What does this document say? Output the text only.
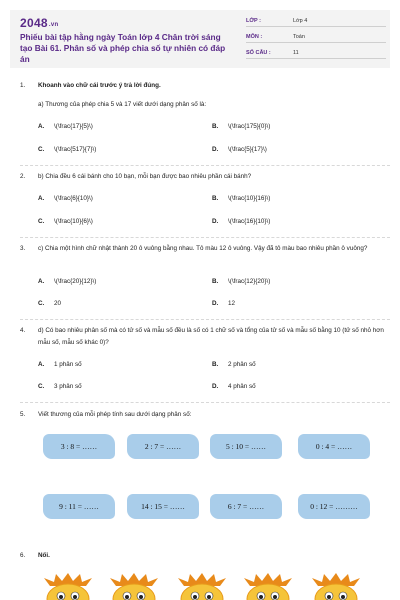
2048.vn
Phiếu bài tập hằng ngày Toán lớp 4 Chân trời sáng tạo Bài 61. Phân số và phép chia số tự nhiên có đáp án
LỚP :	Lớp 4
MÔN :	Toán
SỐ CÂU :	11
1. Khoanh vào chữ cái trước ý trả lời đúng.
a) Thương của phép chia 5 và 17 viết dưới dạng phân số là:
A. \(\frac{17}{5}\)	B. \(\frac{175}{0}\)
C. \(\frac{517}{7}\)	D. \(\frac{5}{17}\)
2. b) Chia đều 6 cái bánh cho 10 bạn, mỗi bạn được bao nhiêu phần cái bánh?
A. \(\frac{6}{10}\)	B. \(\frac{10}{16}\)
C. \(\frac{10}{6}\)	D. \(\frac{16}{10}\)
3. c) Chia một hình chữ nhật thành 20 ô vuông bằng nhau. Tô màu 12 ô vuông. Vậy đã tô màu bao nhiêu phần ô vuông?
A. \(\frac{20}{12}\)	B. \(\frac{12}{20}\)
C. 20	D. 12
4. d) Có bao nhiêu phân số mà có tử số và mẫu số đều là số có 1 chữ số và tổng của tử số và mẫu số bằng 10 (tử số nhỏ hơn mẫu số, mẫu số khác 0)?
A. 1 phân số	B. 2 phân số
C. 3 phân số	D. 4 phân số
5. Viết thương của mỗi phép tính sau dưới dạng phân số:
3 : 8 = ……	2 : 7 = ……	5 : 10 = ……	0 : 4 = ……
9 : 11 = ……	14 : 15 = ……	6 : 7 = ……	0 : 12 = ………
6. Nối.
